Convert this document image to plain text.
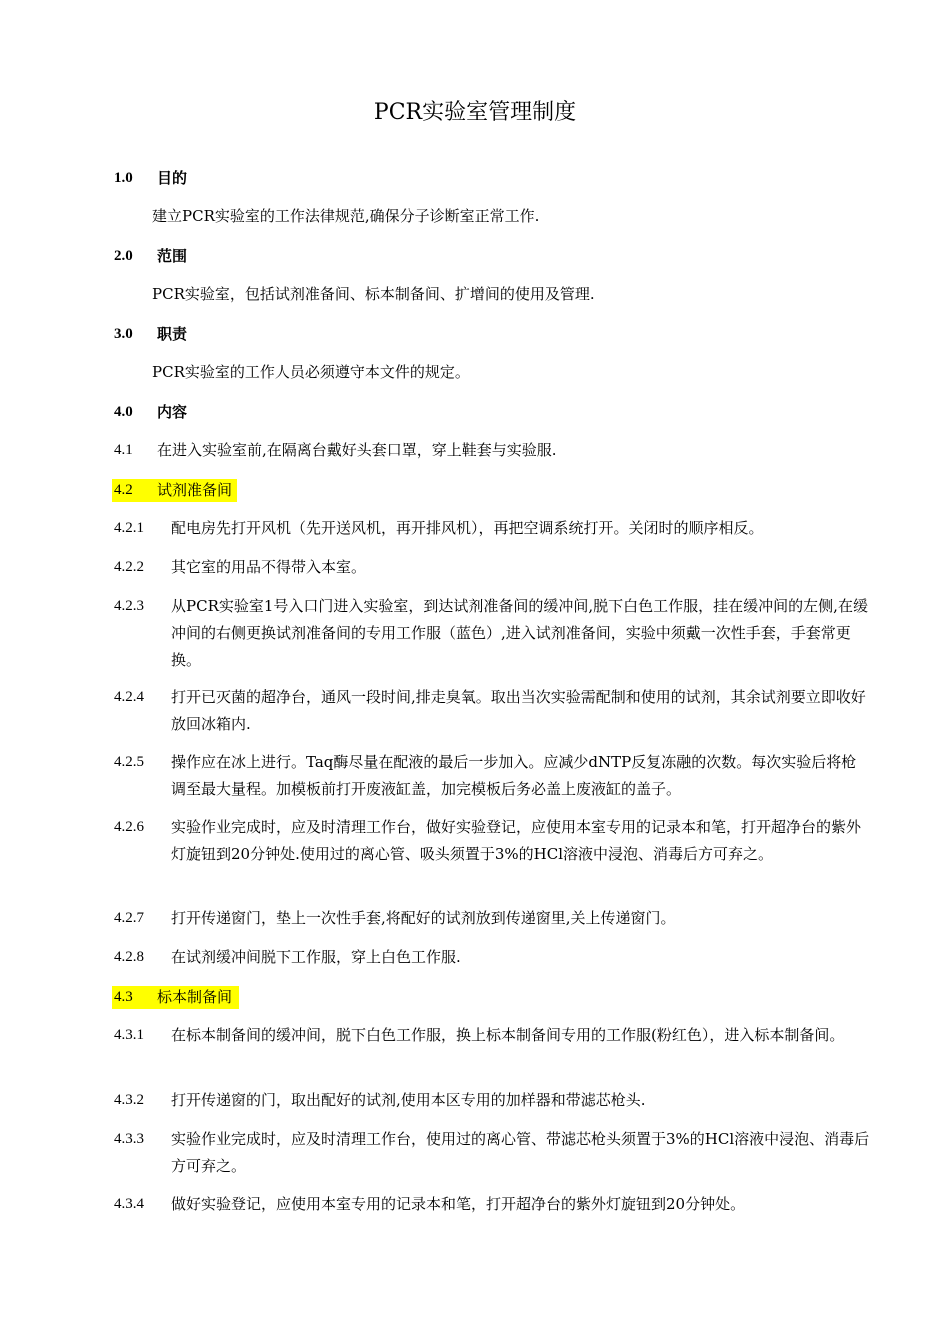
PCR实验室管理制度
1.0 目的
建立PCR实验室的工作法律规范,确保分子诊断室正常工作.
2.0 范围
PCR实验室，包括试剂准备间、标本制备间、扩增间的使用及管理.
3.0 职责
PCR实验室的工作人员必须遵守本文件的规定。
4.0 内容
4.1 在进入实验室前,在隔离台戴好头套口罩，穿上鞋套与实验服.
4.2 试剂准备间
4.2.1 配电房先打开风机（先开送风机，再开排风机），再把空调系统打开。关闭时的顺序相反。
4.2.2 其它室的用品不得带入本室。
4.2.3 从PCR实验室1号入口门进入实验室，到达试剂准备间的缓冲间,脱下白色工作服，挂在缓冲间的左侧,在缓冲间的右侧更换试剂准备间的专用工作服（蓝色）,进入试剂准备间，实验中须戴一次性手套，手套常更换。
4.2.4 打开已灭菌的超净台，通风一段时间,排走臭氧。取出当次实验需配制和使用的试剂，其余试剂要立即收好放回冰箱内.
4.2.5 操作应在冰上进行。Taq酶尽量在配液的最后一步加入。应减少dNTP反复冻融的次数。每次实验后将枪调至最大量程。加模板前打开废液缸盖，加完模板后务必盖上废液缸的盖子。
4.2.6 实验作业完成时，应及时清理工作台，做好实验登记，应使用本室专用的记录本和笔，打开超净台的紫外灯旋钮到20分钟处.使用过的离心管、吸头须置于3%的HCl溶液中浸泡、消毒后方可弃之。
4.2.7 打开传递窗门，垫上一次性手套,将配好的试剂放到传递窗里,关上传递窗门。
4.2.8 在试剂缓冲间脱下工作服，穿上白色工作服.
4.3 标本制备间
4.3.1 在标本制备间的缓冲间，脱下白色工作服，换上标本制备间专用的工作服(粉红色），进入标本制备间。
4.3.2 打开传递窗的门，取出配好的试剂,使用本区专用的加样器和带滤芯枪头.
4.3.3 实验作业完成时，应及时清理工作台，使用过的离心管、带滤芯枪头须置于3%的HCl溶液中浸泡、消毒后方可弃之。
4.3.4 做好实验登记，应使用本室专用的记录本和笔，打开超净台的紫外灯旋钮到20分钟处。
